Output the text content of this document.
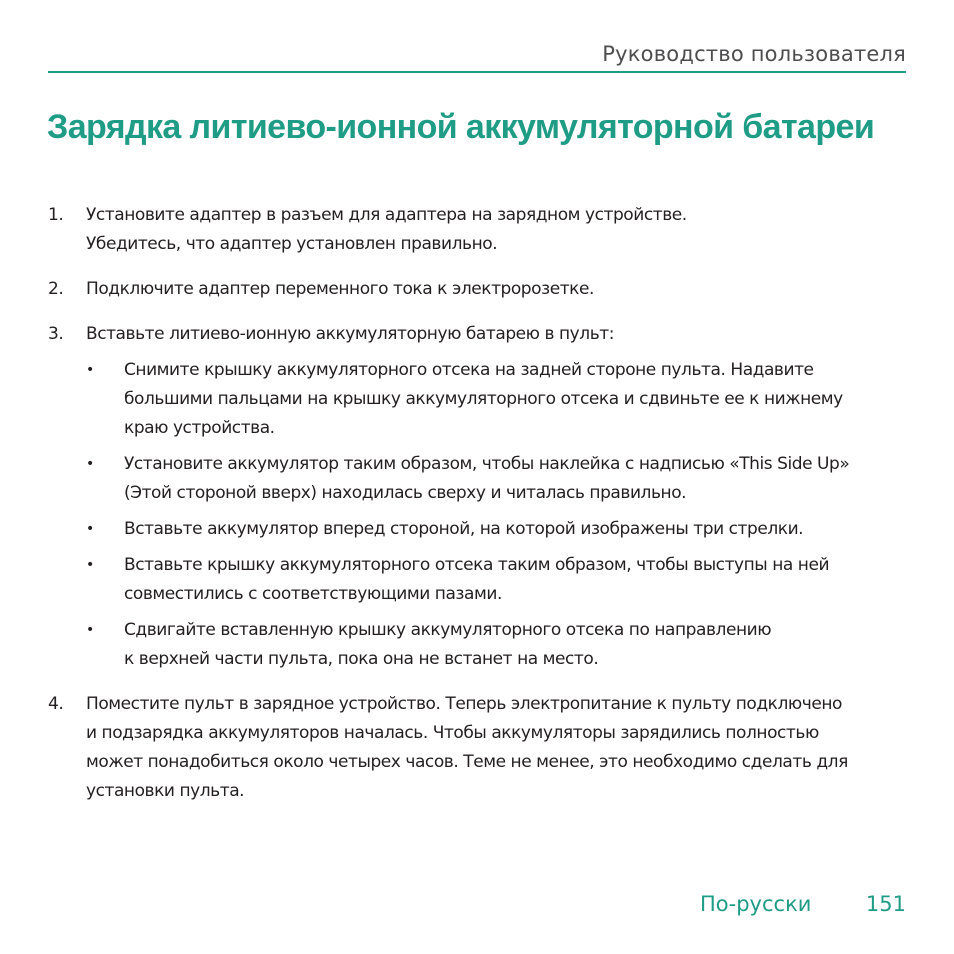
Руководство пользователя
Зарядка литиево-ионной аккумуляторной батареи
1. Установите адаптер в разъем для адаптера на зарядном устройстве.
Убедитесь, что адаптер установлен правильно.
2. Подключите адаптер переменного тока к электророзетке.
3. Вставьте литиево-ионную аккумуляторную батарею в пульт:
• Снимите крышку аккумуляторного отсека на задней стороне пульта. Надавите
большими пальцами на крышку аккумуляторного отсека и сдвиньте ее к нижнему
краю устройства.
• Установите аккумулятор таким образом, чтобы наклейка с надписью «This Side Up»
(Этой стороной вверх) находилась сверху и читалась правильно.
• Вставьте аккумулятор вперед стороной, на которой изображены три стрелки.
• Вставьте крышку аккумуляторного отсека таким образом, чтобы выступы на ней
совместились с соответствующими пазами.
• Сдвигайте вставленную крышку аккумуляторного отсека по направлению
к верхней части пульта, пока она не встанет на место.
4. Поместите пульт в зарядное устройство. Теперь электропитание к пульту подключено
и подзарядка аккумуляторов началась. Чтобы аккумуляторы зарядились полностью
может понадобиться около четырех часов. Теме не менее, это необходимо сделать для
установки пульта.
По-русски	151
